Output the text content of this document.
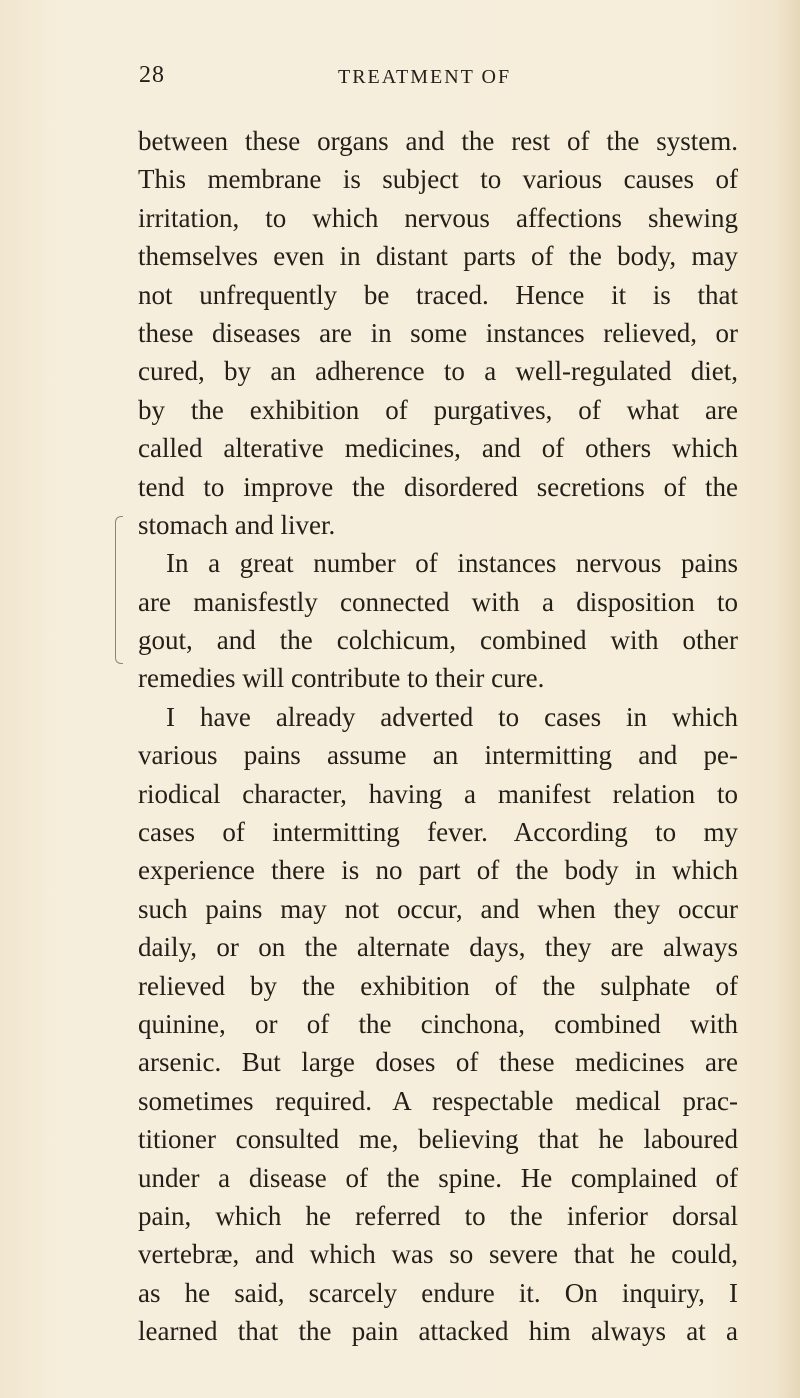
28	TREATMENT OF
between these organs and the rest of the system.
This membrane is subject to various causes of
irritation, to which nervous affections shewing
themselves even in distant parts of the body, may
not unfrequently be traced. Hence it is that
these diseases are in some instances relieved, or
cured, by an adherence to a well-regulated diet,
by the exhibition of purgatives, of what are
called alterative medicines, and of others which
tend to improve the disordered secretions of the
stomach and liver.
In a great number of instances nervous pains
are manisfestly connected with a disposition to
gout, and the colchicum, combined with other
remedies will contribute to their cure.
I have already adverted to cases in which
various pains assume an intermitting and pe-
riodical character, having a manifest relation to
cases of intermitting fever. According to my
experience there is no part of the body in which
such pains may not occur, and when they occur
daily, or on the alternate days, they are always
relieved by the exhibition of the sulphate of
quinine, or of the cinchona, combined with
arsenic. But large doses of these medicines are
sometimes required. A respectable medical prac-
titioner consulted me, believing that he laboured
under a disease of the spine. He complained of
pain, which he referred to the inferior dorsal
vertebræ, and which was so severe that he could,
as he said, scarcely endure it. On inquiry, I
learned that the pain attacked him always at a
